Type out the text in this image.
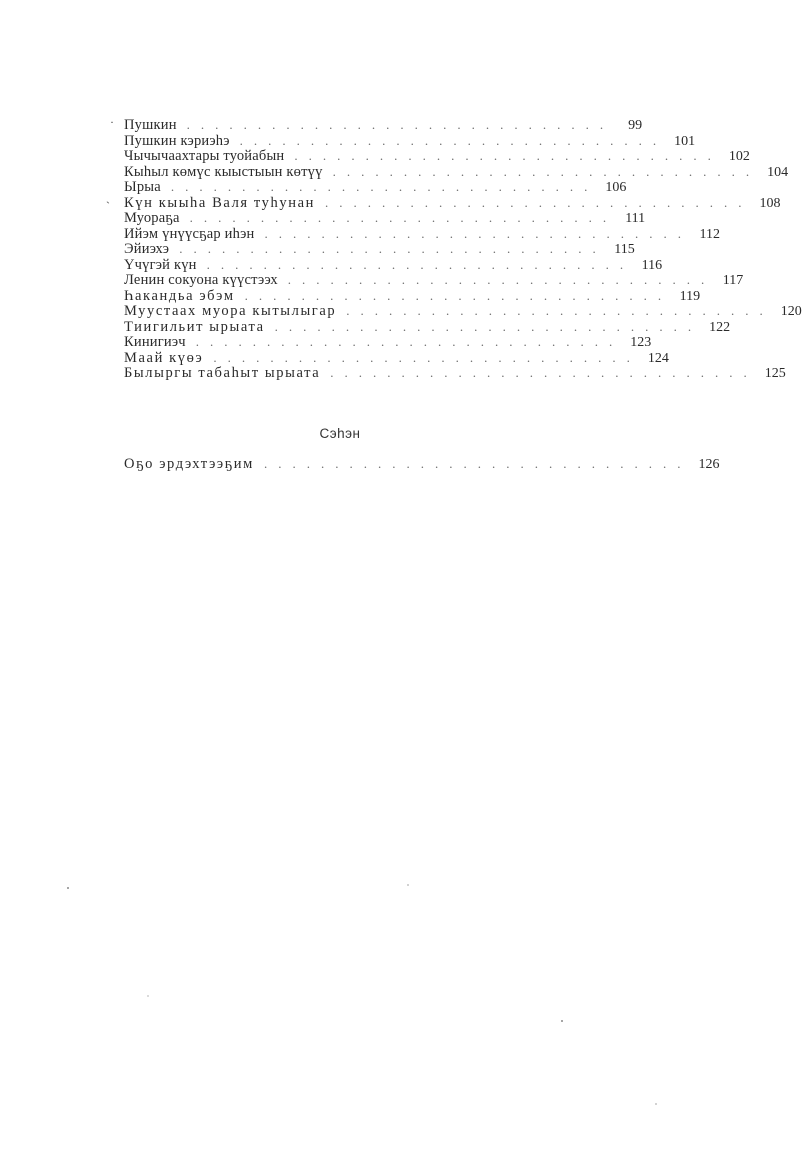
Пушкин ..............................	99
Пушкин кэриэһэ .............................. 101
Чычычаахтары туойабын .............................. 102
Кыһыл көмүс кыыстыын көтүү .............................. 104
Ырыа .............................. 106
Күн кыыһа Валя туһунан .............................. 108
Муораҕа .............................. 111
Ийэм үнүүсҕар иһэн .............................. 112
Эйиэхэ .............................. 115
Үчүгэй күн .............................. 116
Ленин сокуона күүстээх .............................. 117
Һакандьа эбэм .............................. 119
Муустаах муора кытылыгар .............................. 120
Тиигильит ырыата .............................. 122
Кинигиэч .............................. 123
Маай күөэ .............................. 124
Былыргы табаһыт ырыата .............................. 125
Сэһэн
Оҕо эрдэхтээҕим .............................. 126
·
`
